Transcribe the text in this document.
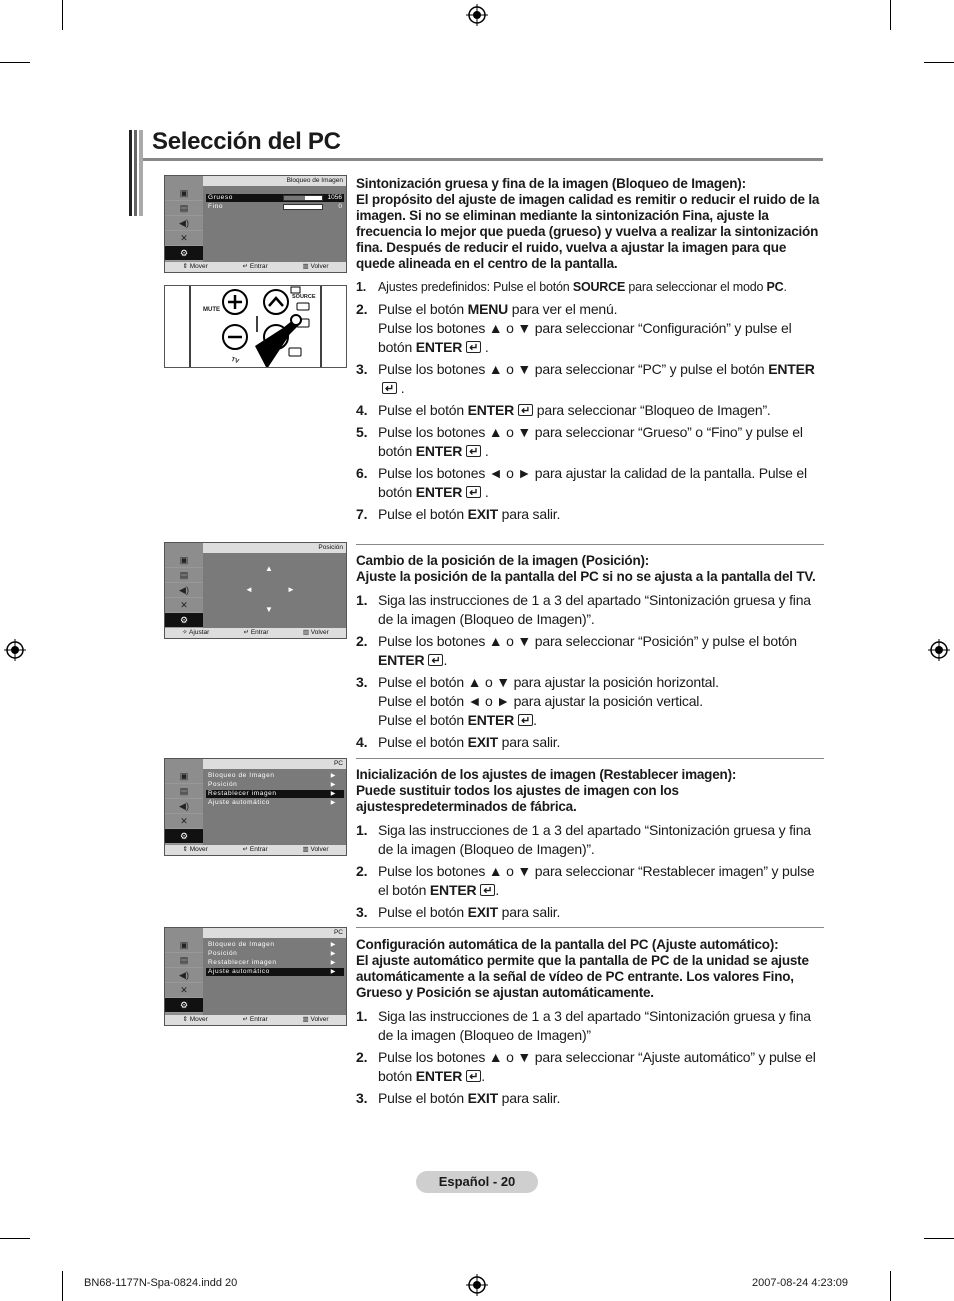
Selección del PC
▣
▤
◀)
✕
⚙
Bloqueo de Imagen
Grueso	1056
Fino	0
⇕ Mover	↵ Entrar	▥ Volver
MUTE
SOURCE
TV
▣
▤
◀)
✕
⚙
Posición
▲
◄	►
▼
✧ Ajustar	↵ Entrar	▥ Volver
▣
▤
◀)
✕
⚙
PC
Bloqueo de Imagen	▶
Posición	▶
Restablecer imagen	▶
Ajuste automático	▶
⇕ Mover	↵ Entrar	▥ Volver
▣
▤
◀)
✕
⚙
PC
Bloqueo de Imagen	▶
Posición	▶
Restablecer imagen	▶
Ajuste automático	▶
⇕ Mover	↵ Entrar	▥ Volver
Sintonización gruesa y fina de la imagen (Bloqueo de Imagen):
El propósito del ajuste de imagen calidad es remitir o reducir el ruido de la imagen. Si no se eliminan mediante la sintonización Fina, ajuste la frecuencia lo mejor que pueda (grueso) y vuelva a realizar la sintonización fina. Después de reducir el ruido, vuelva a ajustar la imagen para que quede alineada en el centro de la pantalla.
1. Ajustes predefinidos: Pulse el botón SOURCE para seleccionar el modo PC.
2. Pulse el botón MENU para ver el menú.
Pulse los botones ▲ o ▼ para seleccionar “Configuración” y pulse el botón ENTER↵ .
3. Pulse los botones ▲ o ▼ para seleccionar “PC” y pulse el botón ENTER↵ .
4. Pulse el botón ENTER↵ para seleccionar “Bloqueo de Imagen”.
5. Pulse los botones ▲ o ▼ para seleccionar “Grueso” o “Fino” y pulse el botón ENTER↵ .
6. Pulse los botones ◄ o ► para ajustar la calidad de la pantalla. Pulse el botón ENTER↵ .
7. Pulse el botón EXIT para salir.
Cambio de la posición de la imagen (Posición):
Ajuste la posición de la pantalla del PC si no se ajusta a la pantalla del TV.
1. Siga las instrucciones de 1 a 3 del apartado “Sintonización gruesa y fina de la imagen (Bloqueo de Imagen)”.
2. Pulse los botones ▲ o ▼ para seleccionar “Posición” y pulse el botón ENTER ↵ .
3. Pulse el botón ▲ o ▼ para ajustar la posición horizontal.
Pulse el botón ◄ o ► para ajustar la posición vertical.
Pulse el botón ENTER ↵ .
4. Pulse el botón EXIT para salir.
Inicialización de los ajustes de imagen (Restablecer imagen):
Puede sustituir todos los ajustes de imagen con los ajustespredeterminados de fábrica.
1. Siga las instrucciones de 1 a 3 del apartado “Sintonización gruesa y fina de la imagen (Bloqueo de Imagen)”.
2. Pulse los botones ▲ o ▼ para seleccionar “Restablecer imagen” y pulse el botón ENTER ↵ .
3. Pulse el botón EXIT para salir.
Configuración automática de la pantalla del PC (Ajuste automático):
El ajuste automático permite que la pantalla de PC de la unidad se ajuste automáticamente a la señal de vídeo de PC entrante. Los valores Fino, Grueso y Posición se ajustan automáticamente.
1. Siga las instrucciones de 1 a 3 del apartado “Sintonización gruesa y fina de la imagen (Bloqueo de Imagen)”
2. Pulse los botones ▲ o ▼ para seleccionar “Ajuste automático” y pulse el botón ENTER ↵ .
3. Pulse el botón EXIT para salir.
Español - 20
BN68-1177N-Spa-0824.indd 20	2007-08-24 4:23:09
